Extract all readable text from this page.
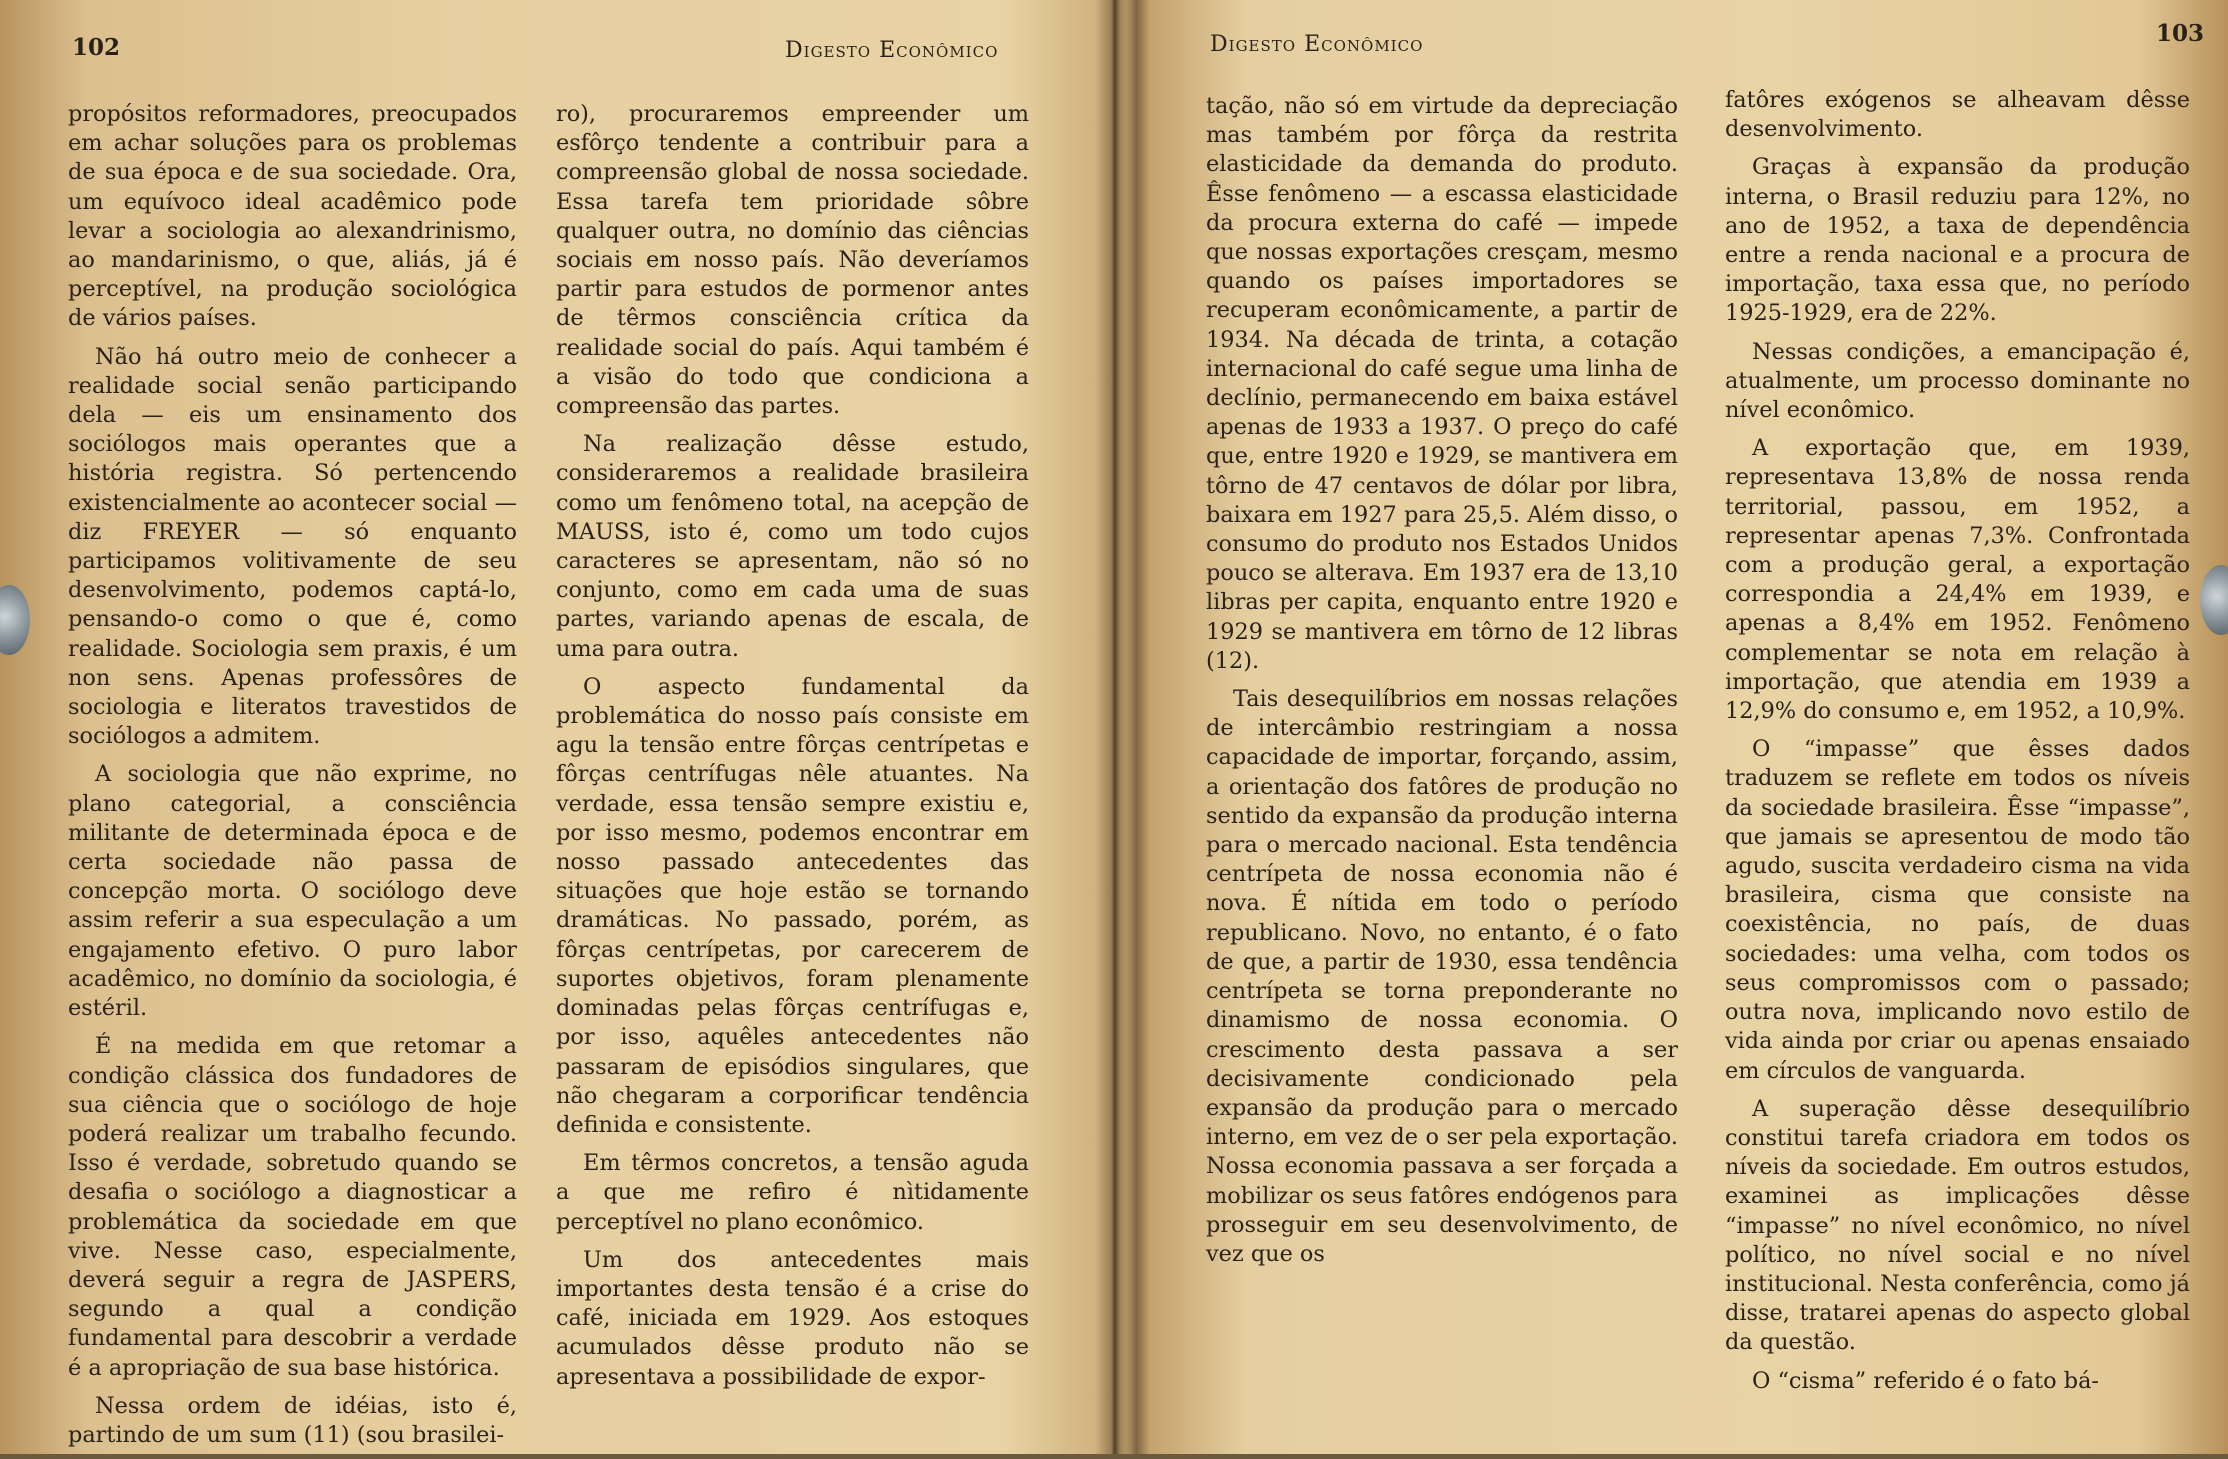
102	Digesto Econômico

propósitos reformadores, preocupados em achar soluções para os problemas de sua época e de sua sociedade. Ora, um equívoco ideal acadêmico pode levar a sociologia ao alexandrinismo, ao mandarinismo, o que, aliás, já é perceptível, na produção sociológica de vários países.

Não há outro meio de conhecer a realidade social senão participando dela — eis um ensinamento dos sociólogos mais operantes que a história registra. Só pertencendo existencialmente ao acontecer social — diz FREYER — só enquanto participamos volitivamente de seu desenvolvimento, podemos captá-lo, pensando-o como o que é, como realidade. Sociologia sem praxis, é um non sens. Apenas professôres de sociologia e literatos travestidos de sociólogos a admitem.

A sociologia que não exprime, no plano categorial, a consciência militante de determinada época e de certa sociedade não passa de concepção morta. O sociólogo deve assim referir a sua especulação a um engajamento efetivo. O puro labor acadêmico, no domínio da sociologia, é estéril.

É na medida em que retomar a condição clássica dos fundadores de sua ciência que o sociólogo de hoje poderá realizar um trabalho fecundo. Isso é verdade, sobretudo quando se desafia o sociólogo a diagnosticar a problemática da sociedade em que vive. Nesse caso, especialmente, deverá seguir a regra de JASPERS, segundo a qual a condição fundamental para descobrir a verdade é a apropriação de sua base histórica.

Nessa ordem de idéias, isto é, partindo de um sum (11) (sou brasilei-

ro), procuraremos empreender um esfôrço tendente a contribuir para a compreensão global de nossa sociedade. Essa tarefa tem prioridade sôbre qualquer outra, no domínio das ciências sociais em nosso país. Não deveríamos partir para estudos de pormenor antes de têrmos consciência crítica da realidade social do país. Aqui também é a visão do todo que condiciona a compreensão das partes.

Na realização dêsse estudo, consideraremos a realidade brasileira como um fenômeno total, na acepção de MAUSS, isto é, como um todo cujos caracteres se apresentam, não só no conjunto, como em cada uma de suas partes, variando apenas de escala, de uma para outra.

O aspecto fundamental da problemática do nosso país consiste em agu la tensão entre fôrças centrípetas e fôrças centrífugas nêle atuantes. Na verdade, essa tensão sempre existiu e, por isso mesmo, podemos encontrar em nosso passado antecedentes das situações que hoje estão se tornando dramáticas. No passado, porém, as fôrças centrípetas, por carecerem de suportes objetivos, foram plenamente dominadas pelas fôrças centrífugas e, por isso, aquêles antecedentes não passaram de episódios singulares, que não chegaram a corporificar tendência definida e consistente.

Em têrmos concretos, a tensão aguda a que me refiro é nìtidamente perceptível no plano econômico.

Um dos antecedentes mais importantes desta tensão é a crise do café, iniciada em 1929. Aos estoques acumulados dêsse produto não se apresentava a possibilidade de expor-

Digesto Econômico	103

tação, não só em virtude da depreciação mas também por fôrça da restrita elasticidade da demanda do produto. Êsse fenômeno — a escassa elasticidade da procura externa do café — impede que nossas exportações cresçam, mesmo quando os países importadores se recuperam econômicamente, a partir de 1934. Na década de trinta, a cotação internacional do café segue uma linha de declínio, permanecendo em baixa estável apenas de 1933 a 1937. O preço do café que, entre 1920 e 1929, se mantivera em tôrno de 47 centavos de dólar por libra, baixara em 1927 para 25,5. Além disso, o consumo do produto nos Estados Unidos pouco se alterava. Em 1937 era de 13,10 libras per capita, enquanto entre 1920 e 1929 se mantivera em tôrno de 12 libras (12).

Tais desequilíbrios em nossas relações de intercâmbio restringiam a nossa capacidade de importar, forçando, assim, a orientação dos fatôres de produção no sentido da expansão da produção interna para o mercado nacional. Esta tendência centrípeta de nossa economia não é nova. É nítida em todo o período republicano. Novo, no entanto, é o fato de que, a partir de 1930, essa tendência centrípeta se torna preponderante no dinamismo de nossa economia. O crescimento desta passava a ser decisivamente condicionado pela expansão da produção para o mercado interno, em vez de o ser pela exportação. Nossa economia passava a ser forçada a mobilizar os seus fatôres endógenos para prosseguir em seu desenvolvimento, de vez que os

fatôres exógenos se alheavam dêsse desenvolvimento.

Graças à expansão da produção interna, o Brasil reduziu para 12%, no ano de 1952, a taxa de dependência entre a renda nacional e a procura de importação, taxa essa que, no período 1925-1929, era de 22%.

Nessas condições, a emancipação é, atualmente, um processo dominante no nível econômico.

A exportação que, em 1939, representava 13,8% de nossa renda territorial, passou, em 1952, a representar apenas 7,3%. Confrontada com a produção geral, a exportação correspondia a 24,4% em 1939, e apenas a 8,4% em 1952. Fenômeno complementar se nota em relação à importação, que atendia em 1939 a 12,9% do consumo e, em 1952, a 10,9%.

O “impasse” que êsses dados traduzem se reflete em todos os níveis da sociedade brasileira. Êsse “impasse”, que jamais se apresentou de modo tão agudo, suscita verdadeiro cisma na vida brasileira, cisma que consiste na coexistência, no país, de duas sociedades: uma velha, com todos os seus compromissos com o passado; outra nova, implicando novo estilo de vida ainda por criar ou apenas ensaiado em círculos de vanguarda.

A superação dêsse desequilíbrio constitui tarefa criadora em todos os níveis da sociedade. Em outros estudos, examinei as implicações dêsse “impasse” no nível econômico, no nível político, no nível social e no nível institucional. Nesta conferência, como já disse, tratarei apenas do aspecto global da questão.

O “cisma” referido é o fato bá-
